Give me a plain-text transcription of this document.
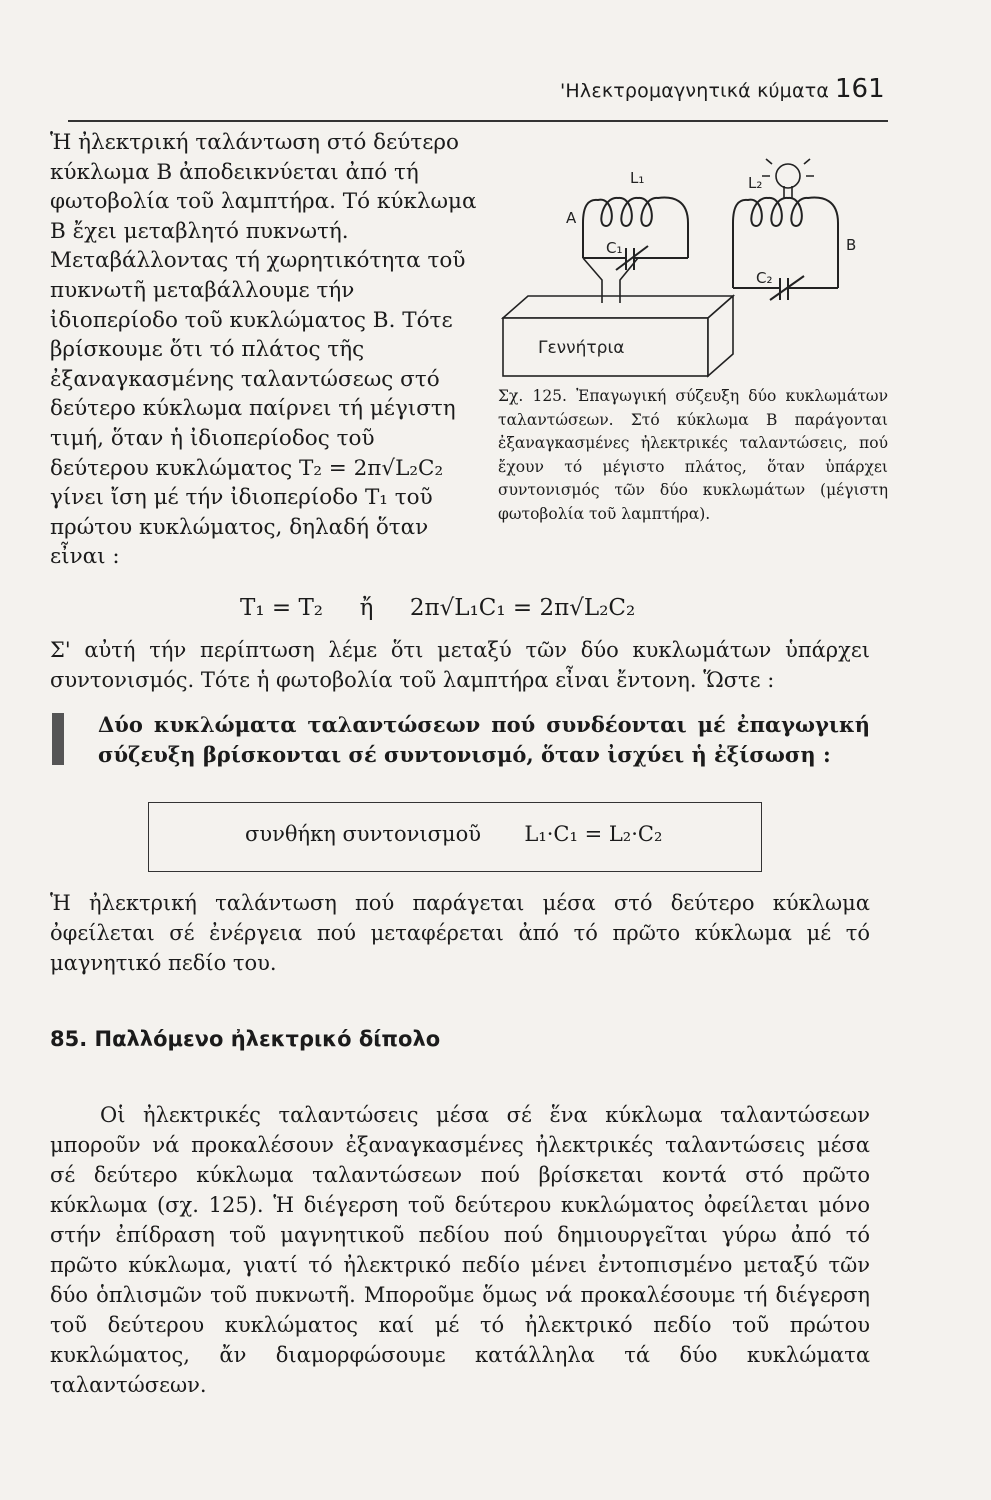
'Ηλεκτρομαγνητικά κύματα 161

Ἡ ἠλεκτρική ταλάντωση στό δεύτερο κύκλωμα Β ἀποδεικνύεται ἀπό τή φωτοβολία τοῦ λαμπτήρα. Τό κύκλωμα Β ἔχει μεταβλητό πυκνωτή. Μεταβάλλοντας τή χωρητικότητα τοῦ πυκνωτῆ μεταβάλλουμε τήν ἰδιοπερίοδο τοῦ κυκλώματος Β. Τότε βρίσκουμε ὅτι τό πλάτος τῆς ἐξαναγκασμένης ταλαντώσεως στό δεύτερο κύκλωμα παίρνει τή μέγιστη τιμή, ὅταν ἡ ἰδιοπερίοδος τοῦ δεύτερου κυκλώματος T₂ = 2π√L₂C₂ γίνει ἴση μέ τήν ἰδιοπερίοδο T₁ τοῦ πρώτου κυκλώματος, δηλαδή ὅταν εἶναι :

Γεννήτρια
A
L₁
C₁
L₂
B
C₂

Σχ. 125. Ἐπαγωγική σύζευξη δύο κυκλωμάτων ταλαντώσεων. Στό κύκλωμα Β παράγονται ἐξαναγκασμένες ἠλεκτρικές ταλαντώσεις, πού ἔχουν τό μέγιστο πλάτος, ὅταν ὑπάρχει συντονισμός τῶν δύο κυκλωμάτων (μέγιστη φωτοβολία τοῦ λαμπτήρα).

T₁ = T₂     ἤ     2π√L₁C₁ = 2π√L₂C₂

Σ' αὐτή τήν περίπτωση λέμε ὅτι μεταξύ τῶν δύο κυκλωμάτων ὑπάρχει συντονισμός. Τότε ἡ φωτοβολία τοῦ λαμπτήρα εἶναι ἔντονη. Ὥστε :

Δύο κυκλώματα ταλαντώσεων πού συνδέονται μέ ἐπαγωγική σύζευξη βρίσκονται σέ συντονισμό, ὅταν ἰσχύει ἡ ἐξίσωση :

συνθήκη συντονισμοῦ L₁·C₁ = L₂·C₂

Ἡ ἠλεκτρική ταλάντωση πού παράγεται μέσα στό δεύτερο κύκλωμα ὀφείλεται σέ ἐνέργεια πού μεταφέρεται ἀπό τό πρῶτο κύκλωμα μέ τό μαγνητικό πεδίο του.

85. Παλλόμενο ἠλεκτρικό δίπολο

Οἱ ἠλεκτρικές ταλαντώσεις μέσα σέ ἕνα κύκλωμα ταλαντώσεων μποροῦν νά προκαλέσουν ἐξαναγκασμένες ἠλεκτρικές ταλαντώσεις μέσα σέ δεύτερο κύκλωμα ταλαντώσεων πού βρίσκεται κοντά στό πρῶτο κύκλωμα (σχ. 125). Ἡ διέγερση τοῦ δεύτερου κυκλώματος ὀφείλεται μόνο στήν ἐπίδραση τοῦ μαγνητικοῦ πεδίου πού δημιουργεῖται γύρω ἀπό τό πρῶτο κύκλωμα, γιατί τό ἠλεκτρικό πεδίο μένει ἐντοπισμένο μεταξύ τῶν δύο ὁπλισμῶν τοῦ πυκνωτῆ. Μποροῦμε ὅμως νά προκαλέσουμε τή διέγερση τοῦ δεύτερου κυκλώματος καί μέ τό ἠλεκτρικό πεδίο τοῦ πρώτου κυκλώματος, ἄν διαμορφώσουμε κατάλληλα τά δύο κυκλώματα ταλαντώσεων.
